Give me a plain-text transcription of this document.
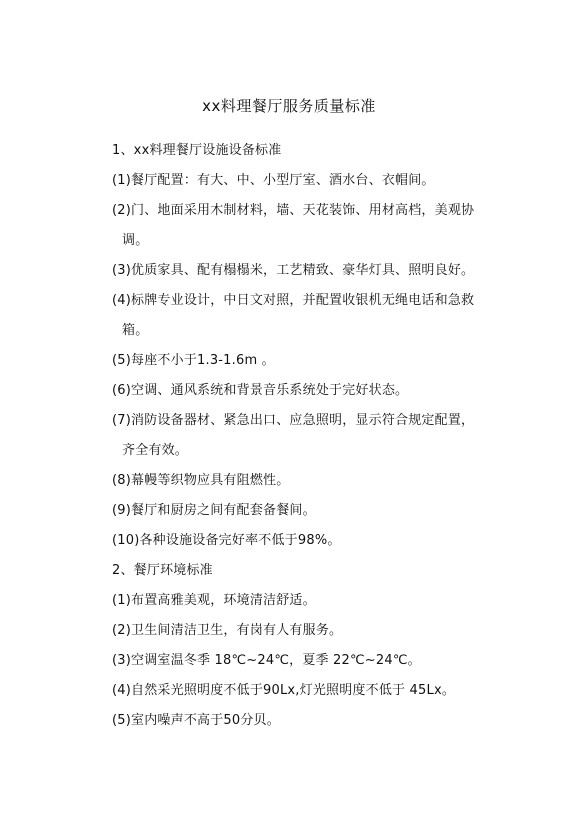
xx料理餐厅服务质量标准
1、xx料理餐厅设施设备标准
(1)餐厅配置：有大、中、小型厅室、酒水台、衣帽间。
(2)门、地面采用木制材料，墙、天花装饰、用材高档，美观协
调。
(3)优质家具、配有榻榻米，工艺精致、豪华灯具、照明良好。
(4)标牌专业设计，中日文对照，并配置收银机无绳电话和急救
箱。
(5)每座不小于1.3-1.6m 。
(6)空调、通风系统和背景音乐系统处于完好状态。
(7)消防设备器材、紧急出口、应急照明，显示符合规定配置，
齐全有效。
(8)幕幔等织物应具有阻燃性。
(9)餐厅和厨房之间有配套备餐间。
(10)各种设施设备完好率不低于98%。
2、餐厅环境标准
(1)布置高雅美观，环境清洁舒适。
(2)卫生间清洁卫生，有岗有人有服务。
(3)空调室温冬季 18℃~24℃，夏季 22℃~24℃。
(4)自然采光照明度不低于90Lx,灯光照明度不低于 45Lx。
(5)室内噪声不高于50分贝。
